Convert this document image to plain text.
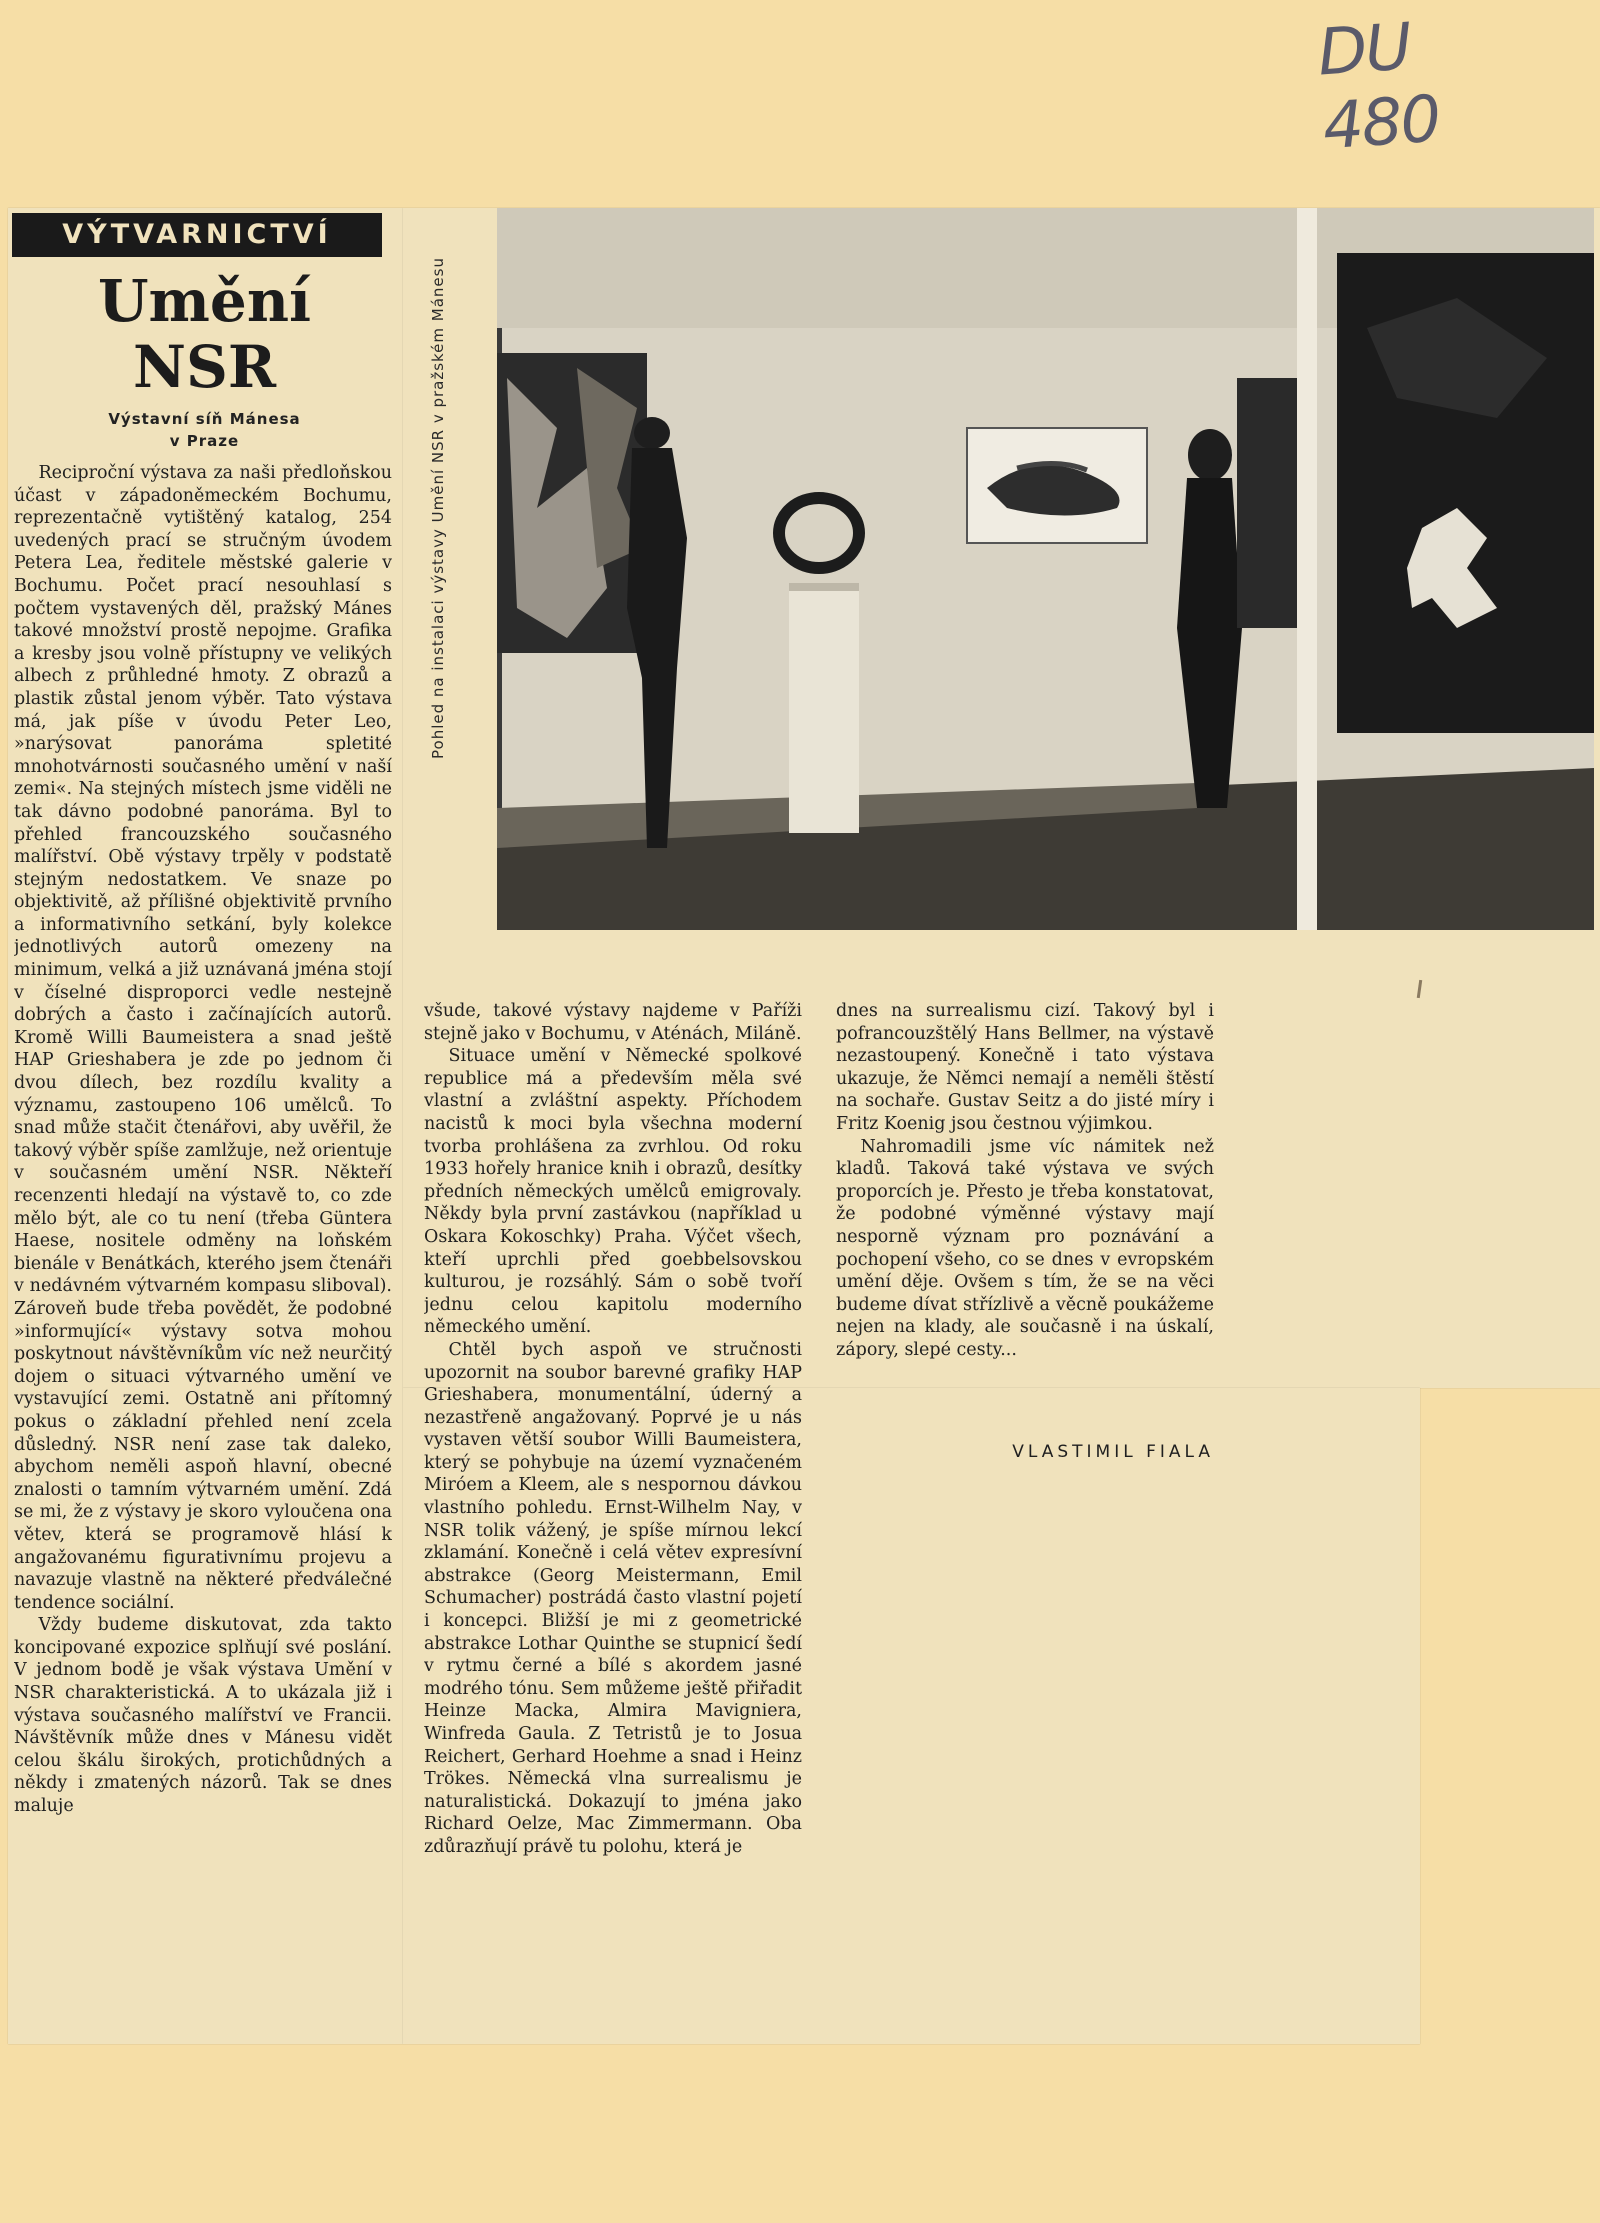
DU 480
VÝTVARNICTVÍ
Umění
NSR
Výstavní síň Mánesa
v Praze

Reciproční výstava za naši předloňskou účast v západoněmeckém Bochumu, reprezentačně vytištěný katalog, 254 uvedených prací se stručným úvodem Petera Lea, ředitele městské galerie v Bochumu. Počet prací nesouhlasí s počtem vystavených děl, pražský Mánes takové množství prostě nepojme. Grafika a kresby jsou volně přístupny ve velikých albech z průhledné hmoty. Z obrazů a plastik zůstal jenom výběr. Tato výstava má, jak píše v úvodu Peter Leo, »narýsovat panoráma spletité mnohotvárnosti současného umění v naší zemi«. Na stejných místech jsme viděli ne tak dávno podobné panoráma. Byl to přehled francouzského současného malířství. Obě výstavy trpěly v podstatě stejným nedostatkem. Ve snaze po objektivitě, až přílišné objektivitě prvního a informativního setkání, byly kolekce jednotlivých autorů omezeny na minimum, velká a již uznávaná jména stojí v číselné disproporci vedle nestejně dobrých a často i začínajících autorů. Kromě Willi Baumeistera a snad ještě HAP Grieshabera je zde po jednom či dvou dílech, bez rozdílu kvality a významu, zastoupeno 106 umělců. To snad může stačit čtenářovi, aby uvěřil, že takový výběr spíše zamlžuje, než orientuje v současném umění NSR. Někteří recenzenti hledají na výstavě to, co zde mělo být, ale co tu není (třeba Güntera Haese, nositele odměny na loňském bienále v Benátkách, kterého jsem čtenáři v nedávném výtvarném kompasu sliboval). Zároveň bude třeba povědět, že podobné »informující« výstavy sotva mohou poskytnout návštěvníkům víc než neurčitý dojem o situaci výtvarného umění ve vystavující zemi. Ostatně ani přítomný pokus o základní přehled není zcela důsledný. NSR není zase tak daleko, abychom neměli aspoň hlavní, obecné znalosti o tamním výtvarném umění. Zdá se mi, že z výstavy je skoro vyloučena ona větev, která se programově hlásí k angažovanému figurativnímu projevu a navazuje vlastně na některé předválečné tendence sociální.

Vždy budeme diskutovat, zda takto koncipované expozice splňují své poslání. V jednom bodě je však výstava Umění v NSR charakteristická. A to ukázala již i výstava současného malířství ve Francii. Návštěvník může dnes v Mánesu vidět celou škálu širokých, protichůdných a někdy i zmatených názorů. Tak se dnes maluje

Pohled na instalaci výstavy Umění NSR v pražském Mánesu

všude, takové výstavy najdeme v Paříži stejně jako v Bochumu, v Aténách, Miláně.

Situace umění v Německé spolkové republice má a především měla své vlastní a zvláštní aspekty. Příchodem nacistů k moci byla všechna moderní tvorba prohlášena za zvrhlou. Od roku 1933 hořely hranice knih i obrazů, desítky předních německých umělců emigrovaly. Někdy byla první zastávkou (například u Oskara Kokoschky) Praha. Výčet všech, kteří uprchli před goebbelsovskou kulturou, je rozsáhlý. Sám o sobě tvoří jednu celou kapitolu moderního německého umění.

Chtěl bych aspoň ve stručnosti upozornit na soubor barevné grafiky HAP Grieshabera, monumentální, úderný a nezastřeně angažovaný. Poprvé je u nás vystaven větší soubor Willi Baumeistera, který se pohybuje na území vyznačeném Miróem a Kleem, ale s nespornou dávkou vlastního pohledu. Ernst-Wilhelm Nay, v NSR tolik vážený, je spíše mírnou lekcí zklamání. Konečně i celá větev expresívní abstrakce (Georg Meistermann, Emil Schumacher) postrádá často vlastní pojetí i koncepci. Bližší je mi z geometrické abstrakce Lothar Quinthe se stupnicí šedí v rytmu černé a bílé s akordem jasné modrého tónu. Sem můžeme ještě přiřadit Heinze Macka, Almira Mavigniera, Winfreda Gaula. Z Tetristů je to Josua Reichert, Gerhard Hoehme a snad i Heinz Trökes. Německá vlna surrealismu je naturalistická. Dokazují to jména jako Richard Oelze, Mac Zimmermann. Oba zdůrazňují právě tu polohu, která je

dnes na surrealismu cizí. Takový byl i pofrancouzštělý Hans Bellmer, na výstavě nezastoupený. Konečně i tato výstava ukazuje, že Němci nemají a neměli štěstí na sochaře. Gustav Seitz a do jisté míry i Fritz Koenig jsou čestnou výjimkou.

Nahromadili jsme víc námitek než kladů. Taková také výstava ve svých proporcích je. Přesto je třeba konstatovat, že podobné výměnné výstavy mají nesporně význam pro poznávání a pochopení všeho, co se dnes v evropském umění děje. Ovšem s tím, že se na věci budeme dívat střízlivě a věcně poukážeme nejen na klady, ale současně i na úskalí, zápory, slepé cesty...

VLASTIMIL FIALA
